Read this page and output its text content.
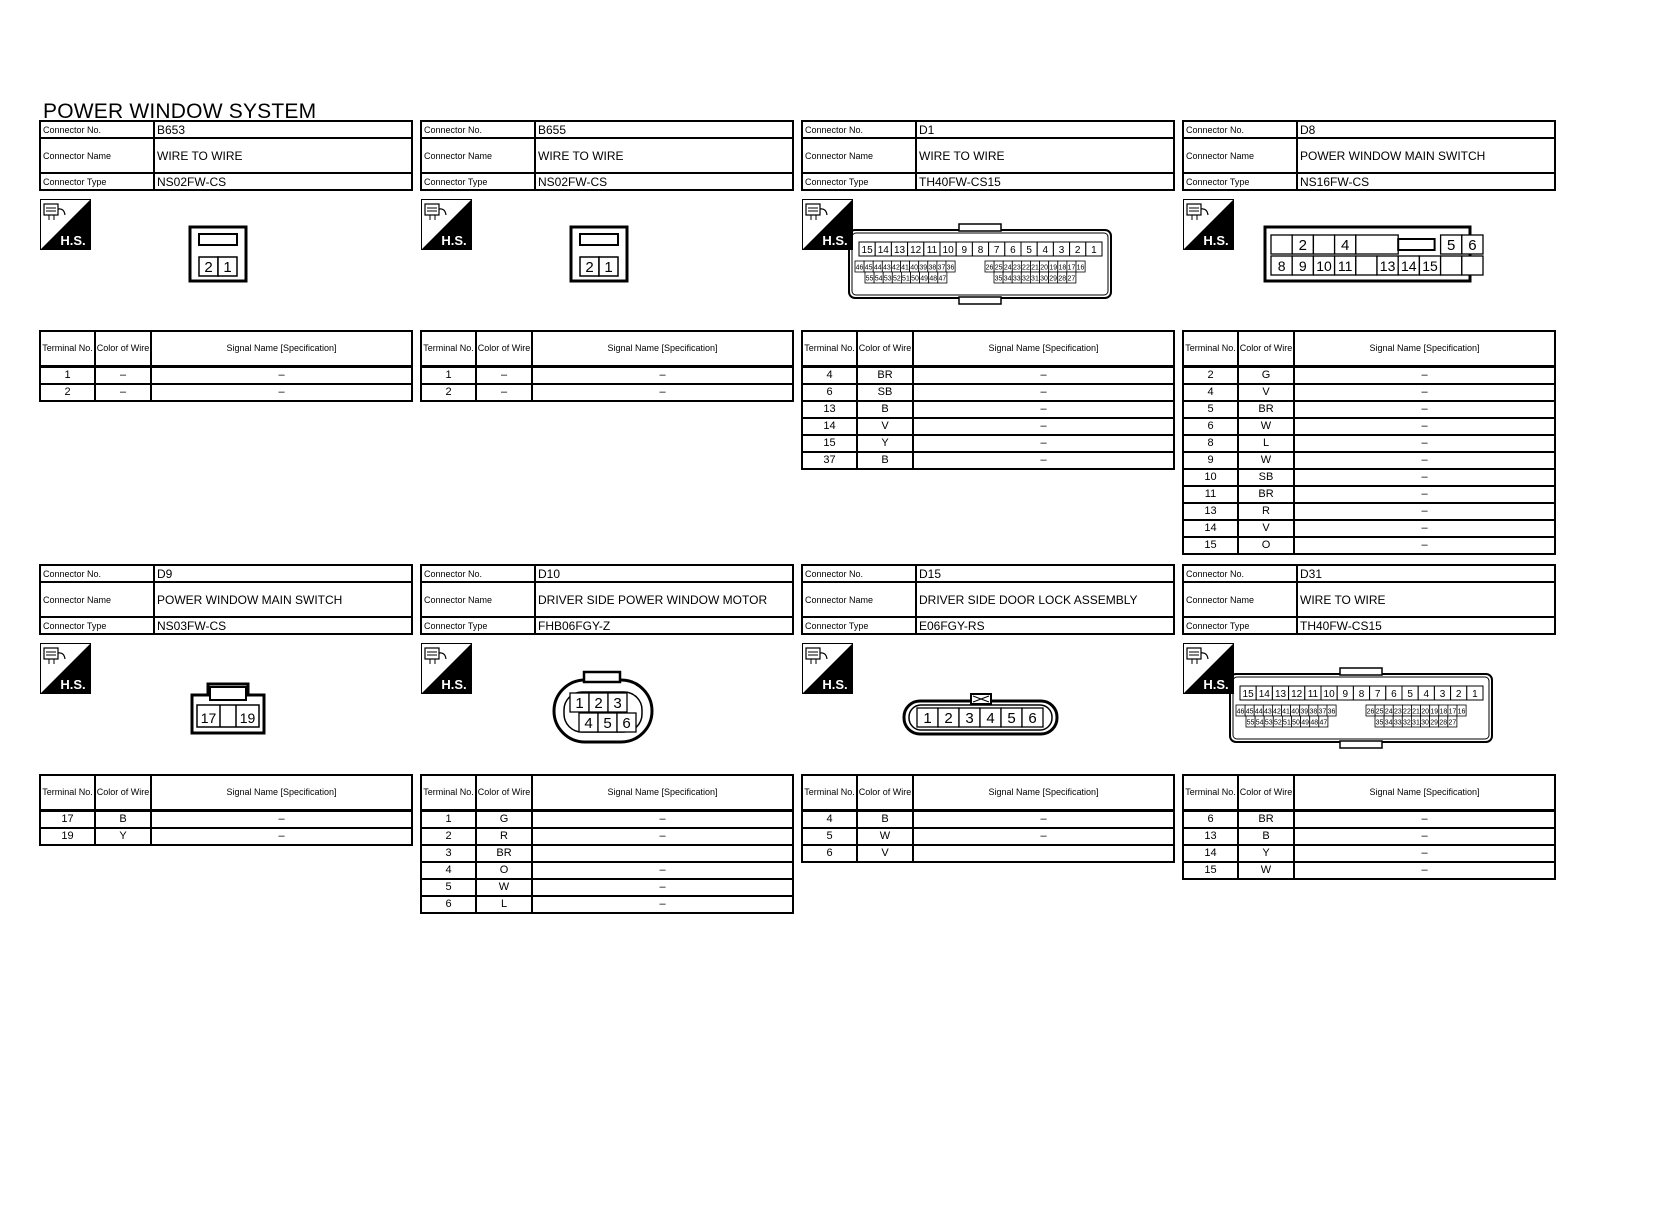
POWER WINDOW SYSTEM
Connector No.	B653
Connector Name	WIRE TO WIRE
Connector Type	NS02FW-CS
2 1
H.S.
Terminal No.	Color of Wire	Signal Name [Specification]
1	–	–
2	–	–
Connector No.	B655
Connector Name	WIRE TO WIRE
Connector Type	NS02FW-CS
2 1
H.S.
Terminal No.	Color of Wire	Signal Name [Specification]
1	–	–
2	–	–
Connector No.	D1
Connector Name	WIRE TO WIRE
Connector Type	TH40FW-CS15
15 14 13 12 11 10 9 8 7 6 5 4 3 2 1
46 45 44 43 42 41 40 39 38 37 36	26 25 24 23 22 21 20 19 18 17 16
55 54 53 52 51 50 49 48 47	35 34 33 32 31 30 29 28 27
H.S.
Terminal No.	Color of Wire	Signal Name [Specification]
4	BR	–
6	SB	–
13	B	–
14	V	–
15	Y	–
37	B	–
Connector No.	D8
Connector Name	POWER WINDOW MAIN SWITCH
Connector Type	NS16FW-CS
2 4	5 6
8 9 10 11 13 14 15
H.S.
Terminal No.	Color of Wire	Signal Name [Specification]
2	G	–
4	V	–
5	BR	–
6	W	–
8	L	–
9	W	–
10	SB	–
11	BR	–
13	R	–
14	V	–
15	O	–
Connector No.	D9
Connector Name	POWER WINDOW MAIN SWITCH
Connector Type	NS03FW-CS
17 19
H.S.
Terminal No.	Color of Wire	Signal Name [Specification]
17	B	–
19	Y	–
Connector No.	D10
Connector Name	DRIVER SIDE POWER WINDOW MOTOR
Connector Type	FHB06FGY-Z
1 2 3
4 5 6
H.S.
Terminal No.	Color of Wire	Signal Name [Specification]
1	G	–
2	R	–
3	BR	
4	O	–
5	W	–
6	L	–
Connector No.	D15
Connector Name	DRIVER SIDE DOOR LOCK ASSEMBLY
Connector Type	E06FGY-RS
1 2 3 4 5 6
H.S.
Terminal No.	Color of Wire	Signal Name [Specification]
4	B	–
5	W	–
6	V	
Connector No.	D31
Connector Name	WIRE TO WIRE
Connector Type	TH40FW-CS15
15 14 13 12 11 10 9 8 7 6 5 4 3 2 1
46 45 44 43 42 41 40 39 38 37 36	26 25 24 23 22 21 20 19 18 17 16
55 54 53 52 51 50 49 48 47	35 34 33 32 31 30 29 28 27
H.S.
Terminal No.	Color of Wire	Signal Name [Specification]
6	BR	–
13	B	–
14	Y	–
15	W	–
